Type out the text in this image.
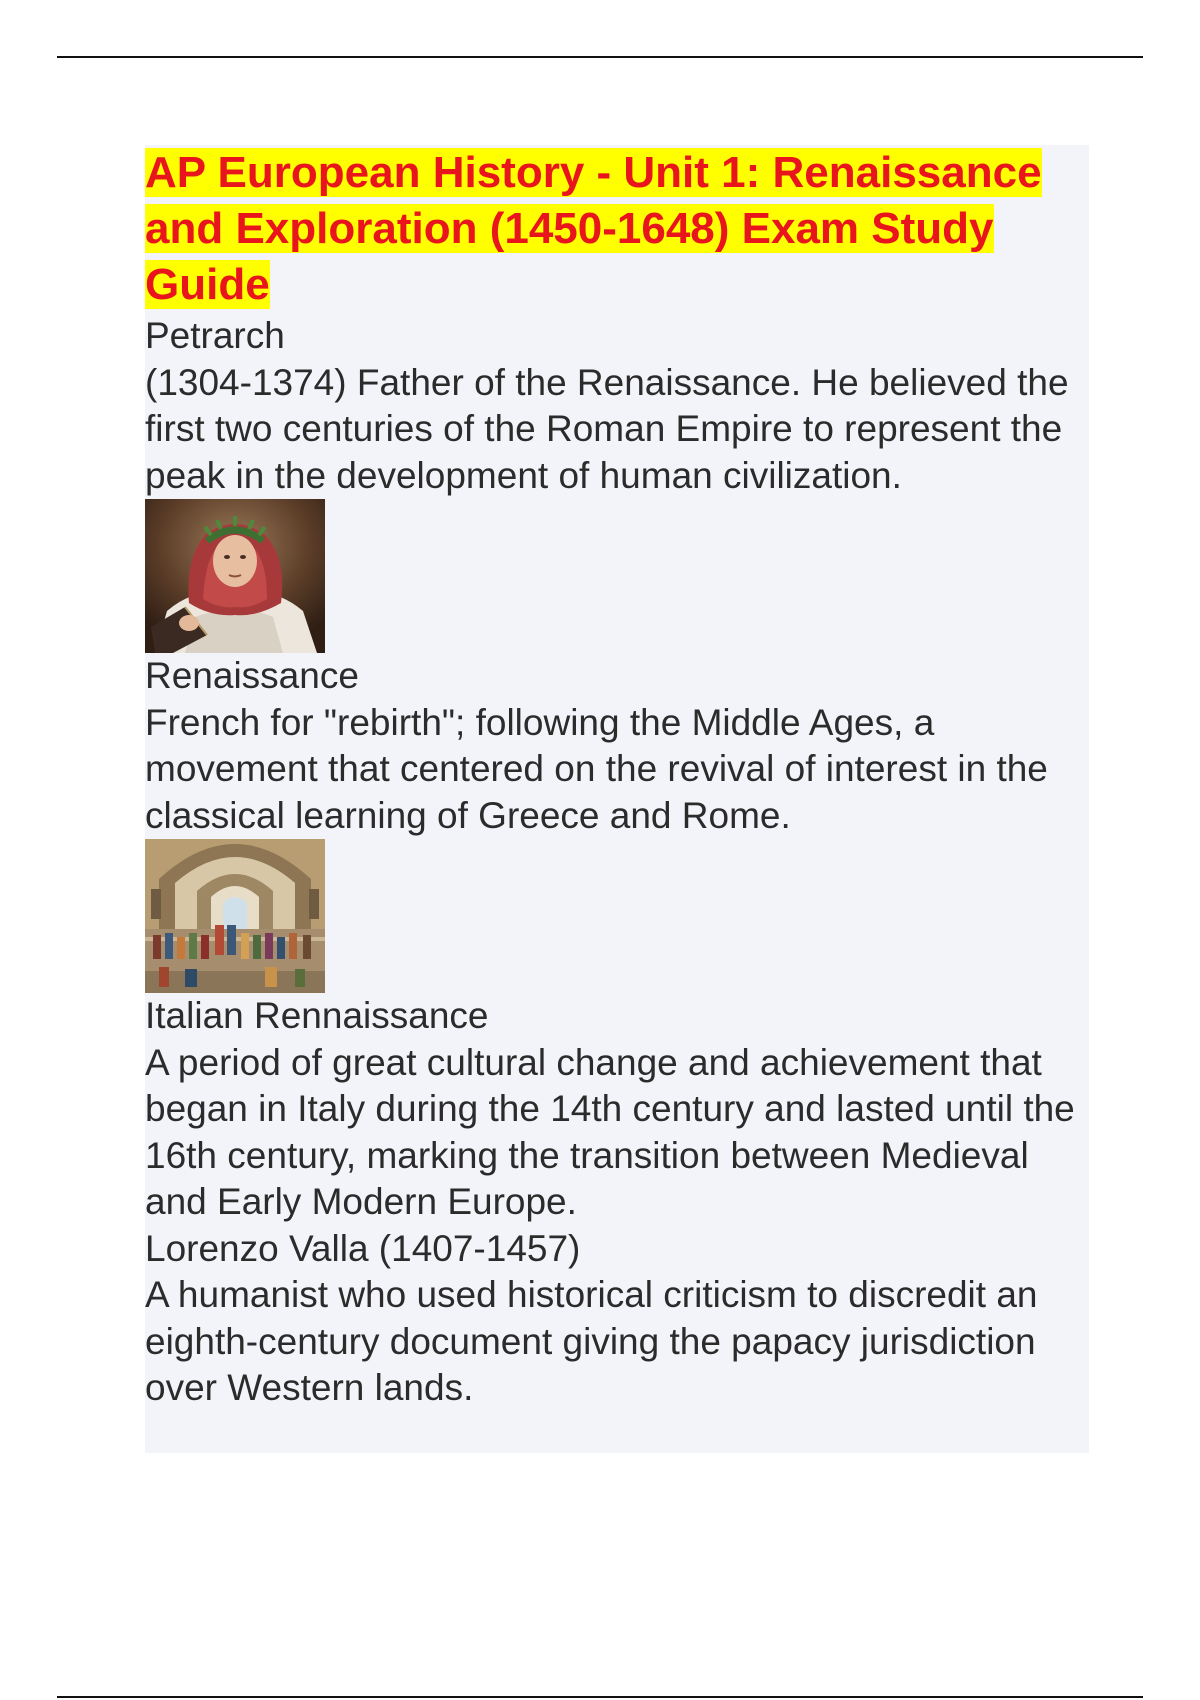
AP European History - Unit 1: Renaissance and Exploration (1450-1648) Exam Study Guide

Petrarch

(1304-1374) Father of the Renaissance. He believed the first two centuries of the Roman Empire to represent the peak in the development of human civilization.

Renaissance

French for "rebirth"; following the Middle Ages, a movement that centered on the revival of interest in the classical learning of Greece and Rome.

Italian Rennaissance

A period of great cultural change and achievement that began in Italy during the 14th century and lasted until the 16th century, marking the transition between Medieval and Early Modern Europe.

Lorenzo Valla (1407-1457)

A humanist who used historical criticism to discredit an eighth-century document giving the papacy jurisdiction over Western lands.
